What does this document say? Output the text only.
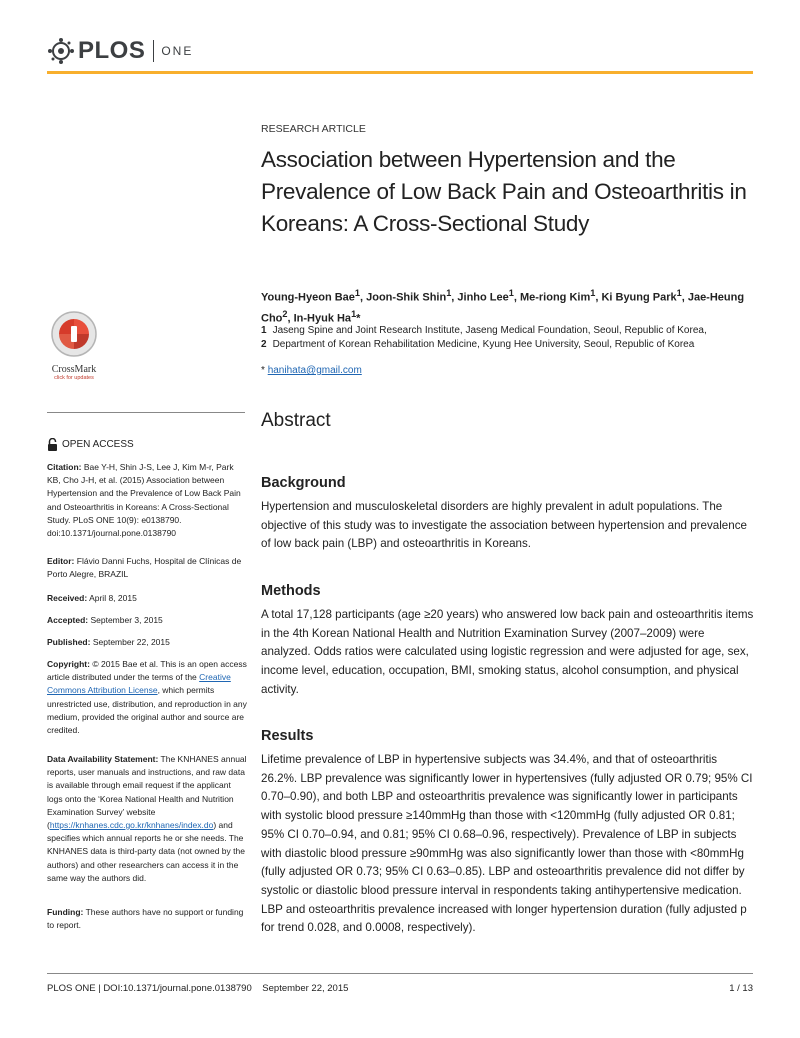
PLOS ONE
RESEARCH ARTICLE
Association between Hypertension and the Prevalence of Low Back Pain and Osteoarthritis in Koreans: A Cross-Sectional Study
Young-Hyeon Bae$^1$, Joon-Shik Shin$^1$, Jinho Lee$^1$, Me-riong Kim$^1$, Ki Byung Park$^1$, Jae-Heung Cho$^2$, In-Hyuk Ha$^1$*
1 Jaseng Spine and Joint Research Institute, Jaseng Medical Foundation, Seoul, Republic of Korea,
2 Department of Korean Rehabilitation Medicine, Kyung Hee University, Seoul, Republic of Korea
* hanihata@gmail.com
Abstract
Background

Hypertension and musculoskeletal disorders are highly prevalent in adult populations. The objective of this study was to investigate the association between hypertension and prevalence of low back pain (LBP) and osteoarthritis in Koreans.

Methods

A total 17,128 participants (age ≥20 years) who answered low back pain and osteoarthritis items in the 4th Korean National Health and Nutrition Examination Survey (2007–2009) were analyzed. Odds ratios were calculated using logistic regression and were adjusted for age, sex, income level, education, occupation, BMI, smoking status, alcohol consumption, and physical activity.

Results

Lifetime prevalence of LBP in hypertensive subjects was 34.4%, and that of osteoarthritis 26.2%. LBP prevalence was significantly lower in hypertensives (fully adjusted OR 0.79; 95% CI 0.70–0.90), and both LBP and osteoarthritis prevalence was significantly lower in participants with systolic blood pressure ≥140mmHg than those with <120mmHg (fully adjusted OR 0.81; 95% CI 0.70–0.94, and 0.81; 95% CI 0.68–0.96, respectively). Prevalence of LBP in subjects with diastolic blood pressure ≥90mmHg was also significantly lower than those with <80mmHg (fully adjusted OR 0.73; 95% CI 0.63–0.85). LBP and osteoarthritis prevalence did not differ by systolic or diastolic blood pressure interval in respondents taking antihypertensive medication. LBP and osteoarthritis prevalence increased with longer hypertension duration (fully adjusted p for trend 0.028, and 0.0008, respectively).

CrossMark
click for updates
OPEN ACCESS
Citation: Bae Y-H, Shin J-S, Lee J, Kim M-r, Park KB, Cho J-H, et al. (2015) Association between Hypertension and the Prevalence of Low Back Pain and Osteoarthritis in Koreans: A Cross-Sectional Study. PLoS ONE 10(9): e0138790. doi:10.1371/journal.pone.0138790
Editor: Flávio Danni Fuchs, Hospital de Clínicas de Porto Alegre, BRAZIL
Received: April 8, 2015
Accepted: September 3, 2015
Published: September 22, 2015
Copyright: © 2015 Bae et al. This is an open access article distributed under the terms of the Creative Commons Attribution License, which permits unrestricted use, distribution, and reproduction in any medium, provided the original author and source are credited.
Data Availability Statement: The KNHANES annual reports, user manuals and instructions, and raw data is available through email request if the applicant logs onto the ‘Korea National Health and Nutrition Examination Survey’ website (https://knhanes.cdc.go.kr/knhanes/index.do) and specifies which annual reports he or she needs. The KNHANES data is third-party data (not owned by the authors) and other researchers can access it in the same way the authors did.
Funding: These authors have no support or funding to report.
PLOS ONE | DOI:10.1371/journal.pone.0138790    September 22, 2015	1 / 13
